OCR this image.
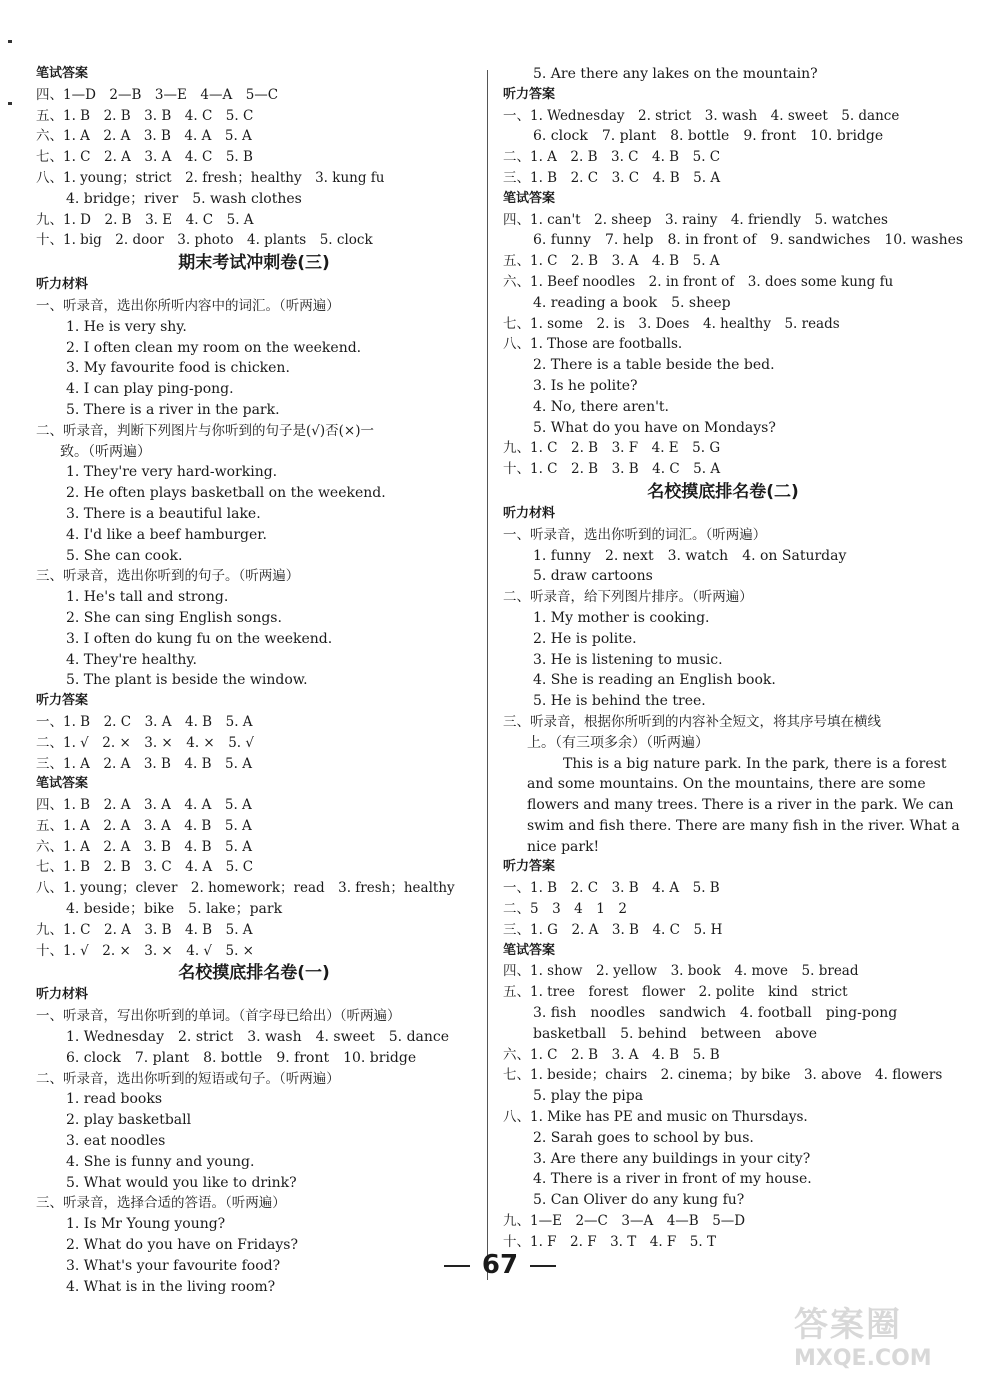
笔试答案
四、1—D　2—B　3—E　4—A　5—C
五、1. B　2. B　3. B　4. C　5. C
六、1. A　2. A　3. B　4. A　5. A
七、1. C　2. A　3. A　4. C　5. B
八、1. young；strict　2. fresh；healthy　3. kung fu
4. bridge；river　5. wash clothes
九、1. D　2. B　3. E　4. C　5. A
十、1. big　2. door　3. photo　4. plants　5. clock
期末考试冲刺卷(三)
听力材料
一、听录音，选出你所听内容中的词汇。（听两遍）
1. He is very shy.
2. I often clean my room on the weekend.
3. My favourite food is chicken.
4. I can play ping-pong.
5. There is a river in the park.
二、听录音，判断下列图片与你听到的句子是(√)否(×)一
致。（听两遍）
1. They're very hard-working.
2. He often plays basketball on the weekend.
3. There is a beautiful lake.
4. I'd like a beef hamburger.
5. She can cook.
三、听录音，选出你听到的句子。（听两遍）
1. He's tall and strong.
2. She can sing English songs.
3. I often do kung fu on the weekend.
4. They're healthy.
5. The plant is beside the window.
听力答案
一、1. B　2. C　3. A　4. B　5. A
二、1. √　2. ×　3. ×　4. ×　5. √
三、1. A　2. A　3. B　4. B　5. A
笔试答案
四、1. B　2. A　3. A　4. A　5. A
五、1. A　2. A　3. A　4. B　5. A
六、1. A　2. A　3. B　4. B　5. A
七、1. B　2. B　3. C　4. A　5. C
八、1. young；clever　2. homework；read　3. fresh；healthy
4. beside；bike　5. lake；park
九、1. C　2. A　3. B　4. B　5. A
十、1. √　2. ×　3. ×　4. √　5. ×
名校摸底排名卷(一)
听力材料
一、听录音，写出你听到的单词。（首字母已给出）（听两遍）
1. Wednesday　2. strict　3. wash　4. sweet　5. dance
6. clock　7. plant　8. bottle　9. front　10. bridge
二、听录音，选出你听到的短语或句子。（听两遍）
1. read books
2. play basketball
3. eat noodles
4. She is funny and young.
5. What would you like to drink?
三、听录音，选择合适的答语。（听两遍）
1. Is Mr Young young?
2. What do you have on Fridays?
3. What's your favourite food?
4. What is in the living room?
5. Are there any lakes on the mountain?
听力答案
一、1. Wednesday　2. strict　3. wash　4. sweet　5. dance
6. clock　7. plant　8. bottle　9. front　10. bridge
二、1. A　2. B　3. C　4. B　5. C
三、1. B　2. C　3. C　4. B　5. A
笔试答案
四、1. can't　2. sheep　3. rainy　4. friendly　5. watches
6. funny　7. help　8. in front of　9. sandwiches　10. washes
五、1. C　2. B　3. A　4. B　5. A
六、1. Beef noodles　2. in front of　3. does some kung fu
4. reading a book　5. sheep
七、1. some　2. is　3. Does　4. healthy　5. reads
八、1. Those are footballs.
2. There is a table beside the bed.
3. Is he polite?
4. No, there aren't.
5. What do you have on Mondays?
九、1. C　2. B　3. F　4. E　5. G
十、1. C　2. B　3. B　4. C　5. A
名校摸底排名卷(二)
听力材料
一、听录音，选出你听到的词汇。（听两遍）
1. funny　2. next　3. watch　4. on Saturday
5. draw cartoons
二、听录音，给下列图片排序。（听两遍）
1. My mother is cooking.
2. He is polite.
3. He is listening to music.
4. She is reading an English book.
5. He is behind the tree.
三、听录音，根据你所听到的内容补全短文，将其序号填在横线
上。（有三项多余）（听两遍）
This is a big nature park. In the park, there is a forest
and some mountains. On the mountains, there are some
flowers and many trees. There is a river in the park. We can
swim and fish there. There are many fish in the river. What a
nice park!
听力答案
一、1. B　2. C　3. B　4. A　5. B
二、5　3　4　1　2
三、1. G　2. A　3. B　4. C　5. H
笔试答案
四、1. show　2. yellow　3. book　4. move　5. bread
五、1. tree　forest　flower　2. polite　kind　strict
3. fish　noodles　sandwich　4. football　ping-pong
basketball　5. behind　between　above
六、1. C　2. B　3. A　4. B　5. B
七、1. beside；chairs　2. cinema；by bike　3. above　4. flowers
5. play the pipa
八、1. Mike has PE and music on Thursdays.
2. Sarah goes to school by bus.
3. Are there any buildings in your city?
4. There is a river in front of my house.
5. Can Oliver do any kung fu?
九、1—E　2—C　3—A　4—B　5—D
十、1. F　2. F　3. T　4. F　5. T
67
答案圈
MXQE.COM
